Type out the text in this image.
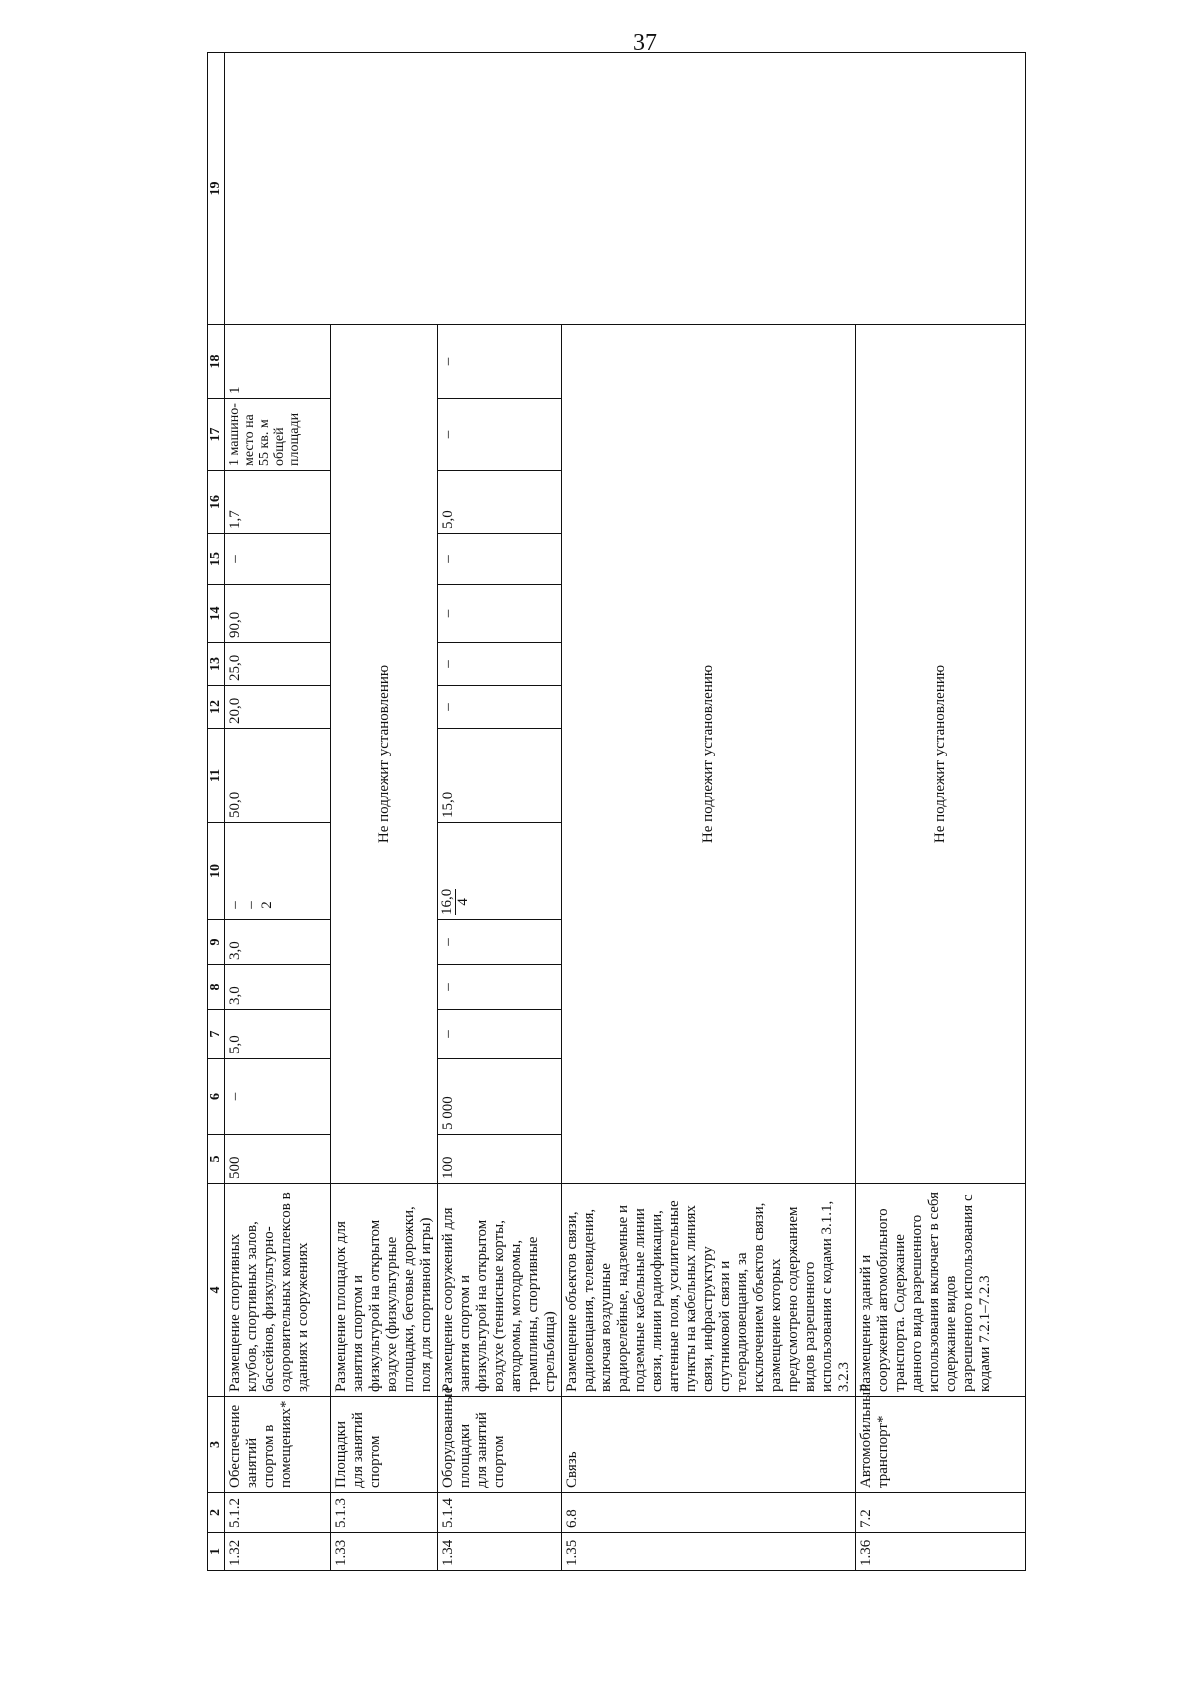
37
1	2	3	4	5	6	7	8	9	10	11	12	13	14	15	16	17	18	19
1.32	5.1.2	Обеспечение занятий спортом в помещениях*	Размещение спортивных клубов, спортивных залов, бассейнов, физкультурно-оздоровительных комплексов в зданиях и сооружениях	500	–	5,0	3,0	3,0	– – 2	50,0	20,0	25,0	90,0	–	1,7	1 машино-место на 55 кв. м общей площади	1	
1.33	5.1.3	Площадки для занятий спортом	Размещение площадок для занятия спортом и физкультурой на открытом воздухе (физкультурные площадки, беговые дорожки, поля для спортивной игры)	Не подлежит установлению														
1.34	5.1.4	Оборудованные площадки для занятий спортом	Размещение сооружений для занятия спортом и физкультурой на открытом воздухе (теннисные корты, автодромы, мотодромы, трамплины, спортивные стрельбища)	100	5 000	–	–	–	16,0 4	15,0	–	–	–	–	5,0	–	–	
1.35	6.8	Связь	Размещение объектов связи, радиовещания, телевидения, включая воздушные радиорелейные, надземные и подземные кабельные линии связи, линии радиофикации, антенные поля, усилительные пункты на кабельных линиях связи, инфраструктуру спутниковой связи и телерадиовещания, за исключением объектов связи, размещение которых предусмотрено содержанием видов разрешенного использования с кодами 3.1.1, 3.2.3	Не подлежит установлению														
1.36	7.2	Автомобильный транспорт*	Размещение зданий и сооружений автомобильного транспорта. Содержание данного вида разрешенного использования включает в себя содержание видов разрешенного использования с кодами 7.2.1–7.2.3	Не подлежит установлению														
